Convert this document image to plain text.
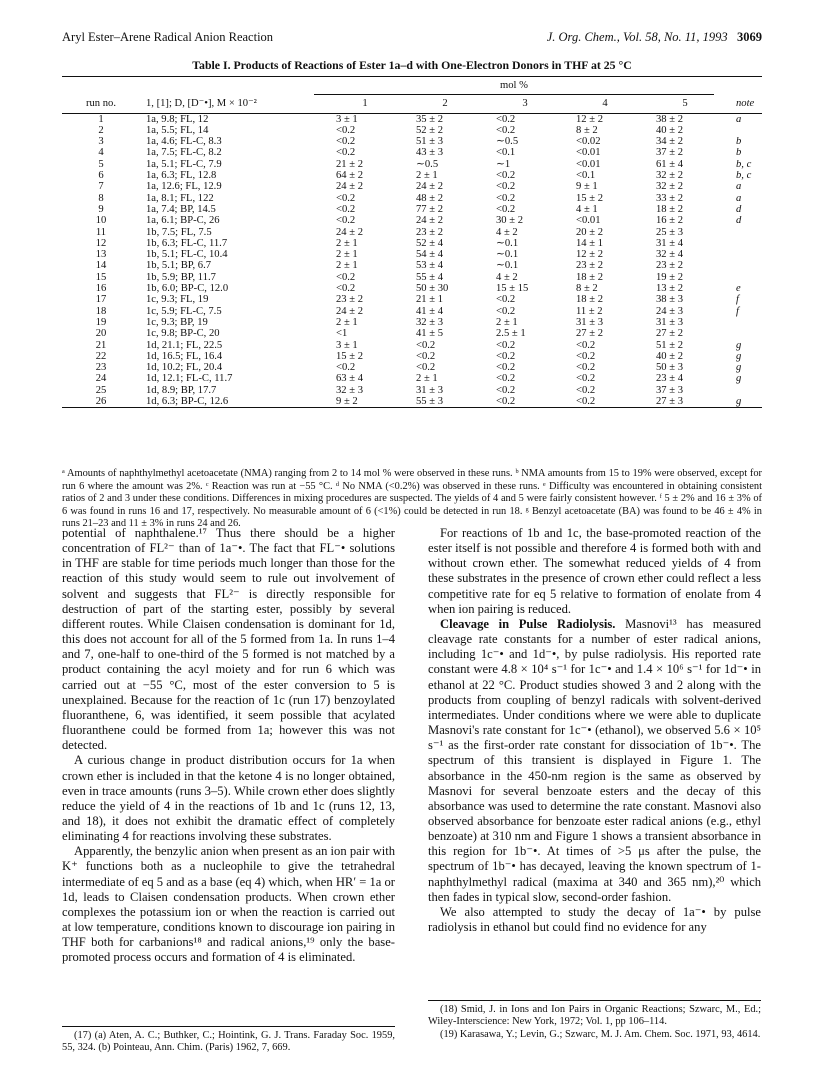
Aryl Ester–Arene Radical Anion Reaction	J. Org. Chem., Vol. 58, No. 11, 1993 3069
Table I. Products of Reactions of Ester 1a–d with One-Electron Donors in THF at 25 °C
		mol %					
run no.	1, [1]; D, [D⁻•], M × 10⁻²	1	2	3	4	5	note
1	1a, 9.8; FL, 12	3 ± 1	35 ± 2	<0.2	12 ± 2	38 ± 2	a
2	1a, 5.5; FL, 14	<0.2	52 ± 2	<0.2	8 ± 2	40 ± 2	
3	1a, 4.6; FL-C, 8.3	<0.2	51 ± 3	∼0.5	<0.02	34 ± 2	b
4	1a, 7.5; FL-C, 8.2	<0.2	43 ± 3	<0.1	<0.01	37 ± 2	b
5	1a, 5.1; FL-C, 7.9	21 ± 2	∼0.5	∼1	<0.01	61 ± 4	b, c
6	1a, 6.3; FL, 12.8	64 ± 2	2 ± 1	<0.2	<0.1	32 ± 2	b, c
7	1a, 12.6; FL, 12.9	24 ± 2	24 ± 2	<0.2	9 ± 1	32 ± 2	a
8	1a, 8.1; FL, 122	<0.2	48 ± 2	<0.2	15 ± 2	33 ± 2	a
9	1a, 7.4; BP, 14.5	<0.2	77 ± 2	<0.2	4 ± 1	18 ± 2	d
10	1a, 6.1; BP-C, 26	<0.2	24 ± 2	30 ± 2	<0.01	16 ± 2	d
11	1b, 7.5; FL, 7.5	24 ± 2	23 ± 2	4 ± 2	20 ± 2	25 ± 3	
12	1b, 6.3; FL-C, 11.7	2 ± 1	52 ± 4	∼0.1	14 ± 1	31 ± 4	
13	1b, 5.1; FL-C, 10.4	2 ± 1	54 ± 4	∼0.1	12 ± 2	32 ± 4	
14	1b, 5.1; BP, 6.7	2 ± 1	53 ± 4	∼0.1	23 ± 2	23 ± 2	
15	1b, 5.9; BP, 11.7	<0.2	55 ± 4	4 ± 2	18 ± 2	19 ± 2	
16	1b, 6.0; BP-C, 12.0	<0.2	50 ± 30	15 ± 15	8 ± 2	13 ± 2	e
17	1c, 9.3; FL, 19	23 ± 2	21 ± 1	<0.2	18 ± 2	38 ± 3	f
18	1c, 5.9; FL-C, 7.5	24 ± 2	41 ± 4	<0.2	11 ± 2	24 ± 3	f
19	1c, 9.3; BP, 19	2 ± 1	32 ± 3	2 ± 1	31 ± 3	31 ± 3	
20	1c, 9.8; BP-C, 20	<1	41 ± 5	2.5 ± 1	27 ± 2	27 ± 2	
21	1d, 21.1; FL, 22.5	3 ± 1	<0.2	<0.2	<0.2	51 ± 2	g
22	1d, 16.5; FL, 16.4	15 ± 2	<0.2	<0.2	<0.2	40 ± 2	g
23	1d, 10.2; FL, 20.4	<0.2	<0.2	<0.2	<0.2	50 ± 3	g
24	1d, 12.1; FL-C, 11.7	63 ± 4	2 ± 1	<0.2	<0.2	23 ± 4	g
25	1d, 8.9; BP, 17.7	32 ± 3	31 ± 3	<0.2	<0.2	37 ± 3	
26	1d, 6.3; BP-C, 12.6	9 ± 2	55 ± 3	<0.2	<0.2	27 ± 3	g

ᵃ Amounts of naphthylmethyl acetoacetate (NMA) ranging from 2 to 14 mol % were observed in these runs. ᵇ NMA amounts from 15 to 19% were observed, except for run 6 where the amount was 2%. ᶜ Reaction was run at −55 °C. ᵈ No NMA (<0.2%) was observed in these runs. ᵉ Difficulty was encountered in obtaining consistent ratios of 2 and 3 under these conditions. Differences in mixing procedures are suspected. The yields of 4 and 5 were fairly consistent however. ᶠ 5 ± 2% and 16 ± 3% of 6 was found in runs 16 and 17, respectively. No measurable amount of 6 (<1%) could be detected in run 18. ᵍ Benzyl acetoacetate (BA) was found to be 46 ± 4% in runs 21–23 and 11 ± 3% in runs 24 and 26.

potential of naphthalene.¹⁷ Thus there should be a higher concentration of FL²⁻ than of 1a⁻•. The fact that FL⁻• solutions in THF are stable for time periods much longer than those for the reaction of this study would seem to rule out involvement of solvent and suggests that FL²⁻ is directly responsible for destruction of part of the starting ester, possibly by several different routes. While Claisen condensation is dominant for 1d, this does not account for all of the 5 formed from 1a. In runs 1–4 and 7, one-half to one-third of the 5 formed is not matched by a product containing the acyl moiety and for run 6 which was carried out at −55 °C, most of the ester conversion to 5 is unexplained. Because for the reaction of 1c (run 17) benzoylated fluoranthene, 6, was identified, it seem possible that acylated fluoranthene could be formed from 1a; however this was not detected.

A curious change in product distribution occurs for 1a when crown ether is included in that the ketone 4 is no longer obtained, even in trace amounts (runs 3–5). While crown ether does slightly reduce the yield of 4 in the reactions of 1b and 1c (runs 12, 13, and 18), it does not exhibit the dramatic effect of completely eliminating 4 for reactions involving these substrates.

Apparently, the benzylic anion when present as an ion pair with K⁺ functions both as a nucleophile to give the tetrahedral intermediate of eq 5 and as a base (eq 4) which, when HR′ = 1a or 1d, leads to Claisen condensation products. When crown ether complexes the potassium ion or when the reaction is carried out at low temperature, conditions known to discourage ion pairing in THF both for carbanions¹⁸ and radical anions,¹⁹ only the base-promoted process occurs and formation of 4 is eliminated.

For reactions of 1b and 1c, the base-promoted reaction of the ester itself is not possible and therefore 4 is formed both with and without crown ether. The somewhat reduced yields of 4 from these substrates in the presence of crown ether could reflect a less competitive rate for eq 5 relative to formation of enolate from 4 when ion pairing is reduced.

Cleavage in Pulse Radiolysis. Masnovi¹³ has measured cleavage rate constants for a number of ester radical anions, including 1c⁻• and 1d⁻•, by pulse radiolysis. His reported rate constant were 4.8 × 10⁴ s⁻¹ for 1c⁻• and 1.4 × 10⁶ s⁻¹ for 1d⁻• in ethanol at 22 °C. Product studies showed 3 and 2 along with the products from coupling of benzyl radicals with solvent-derived intermediates. Under conditions where we were able to duplicate Masnovi's rate constant for 1c⁻• (ethanol), we observed 5.6 × 10⁵ s⁻¹ as the first-order rate constant for dissociation of 1b⁻•. The spectrum of this transient is displayed in Figure 1. The absorbance in the 450-nm region is the same as observed by Masnovi for several benzoate esters and the decay of this absorbance was used to determine the rate constant. Masnovi also observed absorbance for benzoate ester radical anions (e.g., ethyl benzoate) at 310 nm and Figure 1 shows a transient absorbance in this region for 1b⁻•. At times of >5 μs after the pulse, the spectrum of 1b⁻• has decayed, leaving the known spectrum of 1-naphthylmethyl radical (maxima at 340 and 365 nm),²⁰ which then fades in typical slow, second-order fashion.

We also attempted to study the decay of 1a⁻• by pulse radiolysis in ethanol but could find no evidence for any

(17) (a) Aten, A. C.; Buthker, C.; Hointink, G. J. Trans. Faraday Soc. 1959, 55, 324. (b) Pointeau, Ann. Chim. (Paris) 1962, 7, 669.

(18) Smid, J. in Ions and Ion Pairs in Organic Reactions; Szwarc, M., Ed.; Wiley-Interscience: New York, 1972; Vol. 1, pp 106–114.

(19) Karasawa, Y.; Levin, G.; Szwarc, M. J. Am. Chem. Soc. 1971, 93, 4614.
